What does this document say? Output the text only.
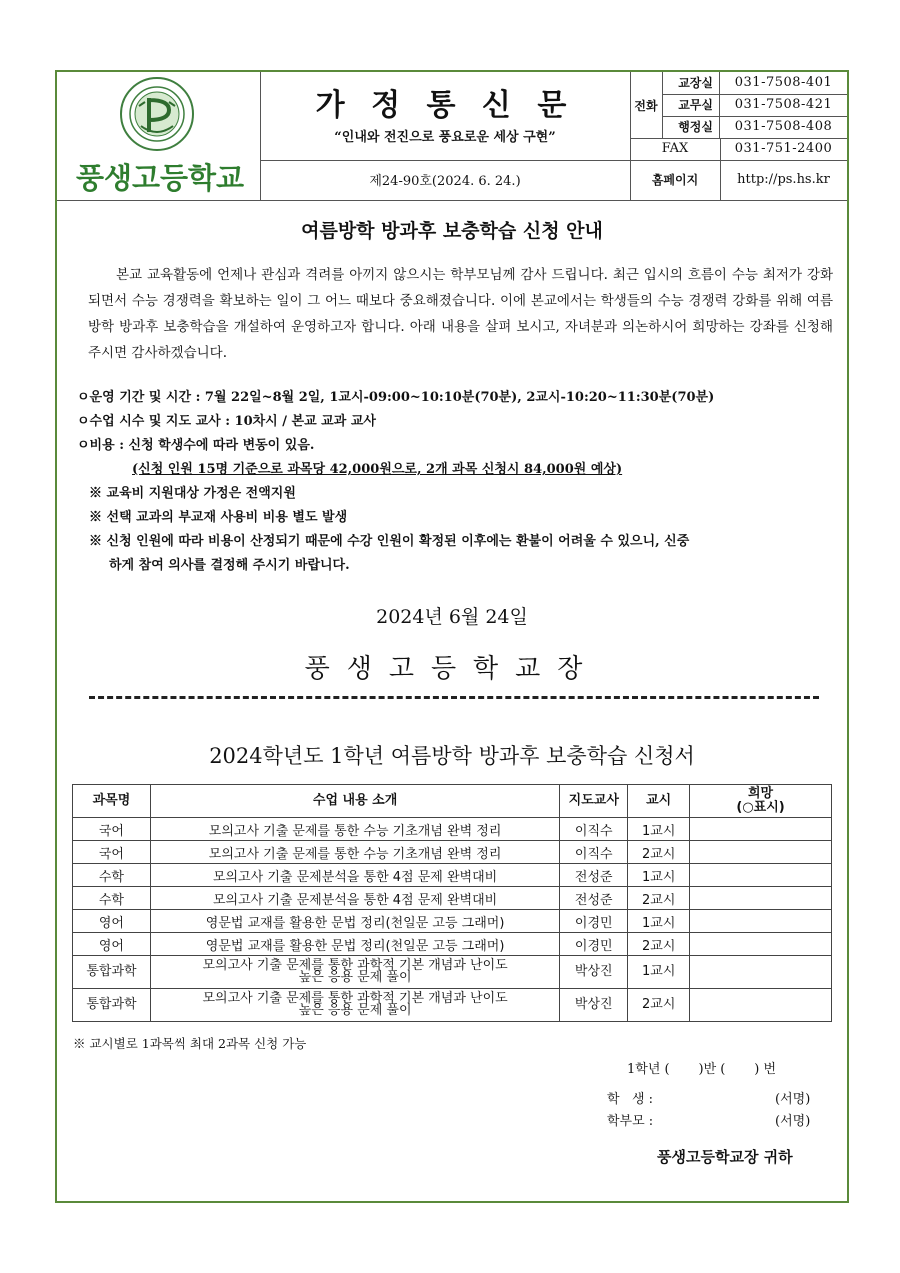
풍생고등학교
가 정 통 신 문
“인내와 전진으로 풍요로운 세상 구현”
제24-90호(2024. 6. 24.)
전화
교장실	031-7508-401
교무실	031-7508-421
행정실	031-7508-408
FAX	031-751-2400
홈페이지	http://ps.hs.kr
여름방학 방과후 보충학습 신청 안내
본교 교육활동에 언제나 관심과 격려를 아끼지 않으시는 학부모님께 감사 드립니다. 최근 입시의 흐름이 수능 최저가 강화되면서 수능 경쟁력을 확보하는 일이 그 어느 때보다 중요해졌습니다. 이에 본교에서는 학생들의 수능 경쟁력 강화를 위해 여름방학 방과후 보충학습을 개설하여 운영하고자 합니다. 아래 내용을 살펴 보시고, 자녀분과 의논하시어 희망하는 강좌를 신청해 주시면 감사하겠습니다.
ㅇ운영 기간 및 시간 : 7월 22일~8월 2일, 1교시-09:00~10:10분(70분), 2교시-10:20~11:30분(70분)
ㅇ수업 시수 및 지도 교사 : 10차시 / 본교 교과 교사
ㅇ비용 : 신청 학생수에 따라 변동이 있음.
(신청 인원 15명 기준으로 과목당 42,000원으로, 2개 과목 신청시 84,000원 예상)
※ 교육비 지원대상 가정은 전액지원
※ 선택 교과의 부교재 사용비 비용 별도 발생
※ 신청 인원에 따라 비용이 산정되기 때문에 수강 인원이 확정된 이후에는 환불이 어려울 수 있으니, 신중
하게 참여 의사를 결정해 주시기 바랍니다.
2024년 6월 24일
풍생고등학교장
2024학년도 1학년 여름방학 방과후 보충학습 신청서
과목명	수업 내용 소개	지도교사	교시	희망
(○표시)
국어	모의고사 기출 문제를 통한 수능 기초개념 완벽 정리	이직수	1교시	
국어	모의고사 기출 문제를 통한 수능 기초개념 완벽 정리	이직수	2교시	
수학	모의고사 기출 문제분석을 통한 4점 문제 완벽대비	전성준	1교시	
수학	모의고사 기출 문제분석을 통한 4점 문제 완벽대비	전성준	2교시	
영어	영문법 교재를 활용한 문법 정리(천일문 고등 그래머)	이경민	1교시	
영어	영문법 교재를 활용한 문법 정리(천일문 고등 그래머)	이경민	2교시	
통합과학	모의고사 기출 문제를 통한 과학적 기본 개념과 난이도
높은 응용 문제 풀이	박상진	1교시	
통합과학	모의고사 기출 문제를 통한 과학적 기본 개념과 난이도
높은 응용 문제 풀이	박상진	2교시	
※ 교시별로 1과목씩 최대 2과목 신청 가능
1학년 (       )반 (       ) 번
학   생 :	(서명)
학부모 :	(서명)
풍생고등학교장 귀하
